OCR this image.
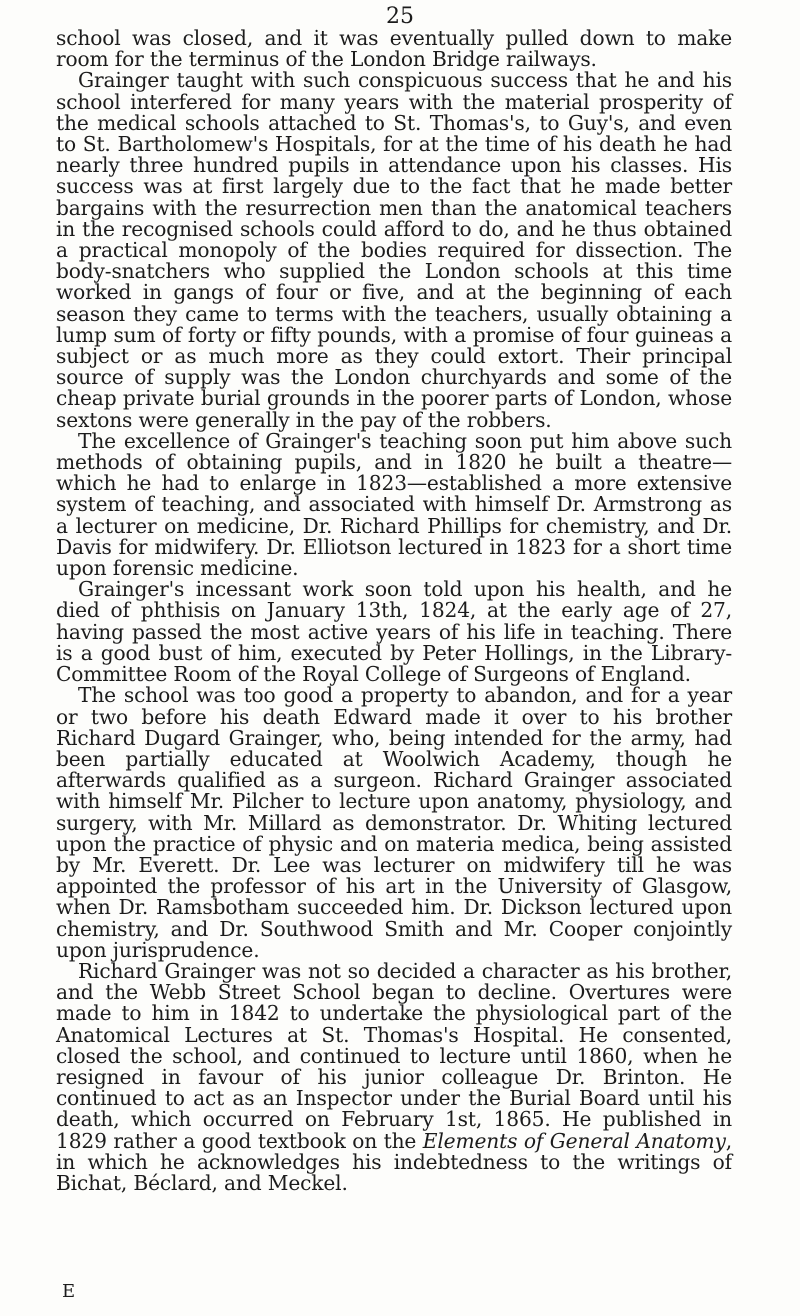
25

school was closed, and it was eventually pulled down to make room for the terminus of the London Bridge railways.

Grainger taught with such conspicuous success that he and his school interfered for many years with the material prosperity of the medical schools attached to St. Thomas's, to Guy's, and even to St. Bartholomew's Hospitals, for at the time of his death he had nearly three hundred pupils in attendance upon his classes. His success was at first largely due to the fact that he made better bargains with the resurrection men than the anatomical teachers in the recognised schools could afford to do, and he thus obtained a practical monopoly of the bodies required for dissection. The body-snatchers who supplied the London schools at this time worked in gangs of four or five, and at the beginning of each season they came to terms with the teachers, usually obtaining a lump sum of forty or fifty pounds, with a promise of four guineas a subject or as much more as they could extort. Their principal source of supply was the London churchyards and some of the cheap private burial grounds in the poorer parts of London, whose sextons were generally in the pay of the robbers.

The excellence of Grainger's teaching soon put him above such methods of obtaining pupils, and in 1820 he built a theatre—which he had to enlarge in 1823—established a more extensive system of teaching, and associated with himself Dr. Armstrong as a lecturer on medicine, Dr. Richard Phillips for chemistry, and Dr. Davis for midwifery. Dr. Elliotson lectured in 1823 for a short time upon forensic medicine.

Grainger's incessant work soon told upon his health, and he died of phthisis on January 13th, 1824, at the early age of 27, having passed the most active years of his life in teaching. There is a good bust of him, executed by Peter Hollings, in the Library-Committee Room of the Royal College of Surgeons of England.

The school was too good a property to abandon, and for a year or two before his death Edward made it over to his brother Richard Dugard Grainger, who, being intended for the army, had been partially educated at Woolwich Academy, though he afterwards qualified as a surgeon. Richard Grainger associated with himself Mr. Pilcher to lecture upon anatomy, physiology, and surgery, with Mr. Millard as demonstrator. Dr. Whiting lectured upon the practice of physic and on materia medica, being assisted by Mr. Everett. Dr. Lee was lecturer on midwifery till he was appointed the professor of his art in the University of Glasgow, when Dr. Ramsbotham succeeded him. Dr. Dickson lectured upon chemistry, and Dr. Southwood Smith and Mr. Cooper conjointly upon jurisprudence.

Richard Grainger was not so decided a character as his brother, and the Webb Street School began to decline. Overtures were made to him in 1842 to undertake the physiological part of the Anatomical Lectures at St. Thomas's Hospital. He consented, closed the school, and continued to lecture until 1860, when he resigned in favour of his junior colleague Dr. Brinton. He continued to act as an Inspector under the Burial Board until his death, which occurred on February 1st, 1865. He published in 1829 rather a good textbook on the Elements of General Anatomy, in which he acknowledges his indebtedness to the writings of Bichat, Béclard, and Meckel.

E
